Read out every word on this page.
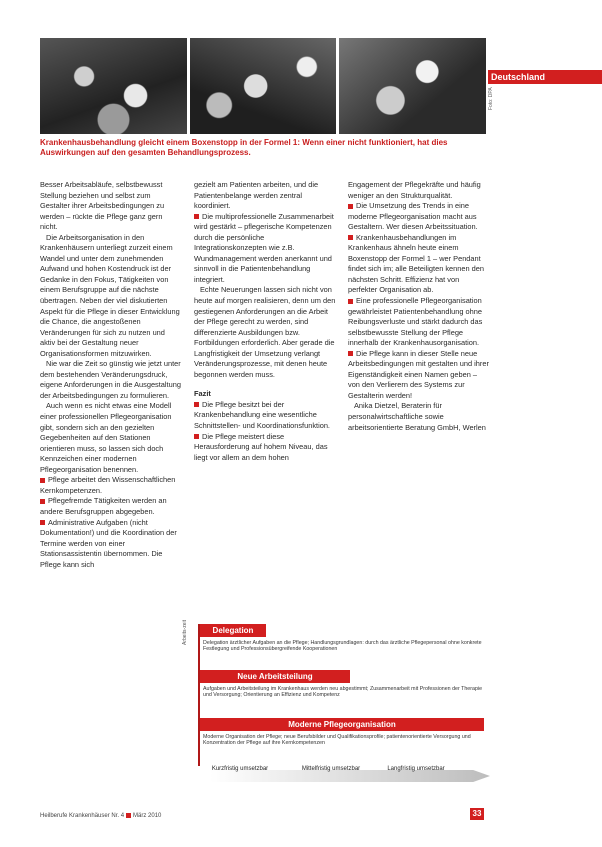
Deutschland
Foto: DPA
Krankenhausbehandlung gleicht einem Boxenstopp in der Formel 1: Wenn einer nicht funktioniert, hat dies Auswirkungen auf den gesamten Behandlungsprozess.

Besser Arbeitsabläufe, selbstbewusst Stellung beziehen und selbst zum Gestalter ihrer Arbeitsbedingungen zu werden – rückte die Pflege ganz gern nicht.

Die Arbeitsorganisation in den Krankenhäusern unterliegt zurzeit einem Wandel und unter dem zunehmenden Aufwand und hohen Kostendruck ist der Gedanke in den Fokus, Tätigkeiten von einem Berufsgruppe auf die nächste übertragen. Neben der viel diskutierten Aspekt für die Pflege in dieser Entwicklung die Chance, die angestoßenen Veränderungen für sich zu nutzen und aktiv bei der Gestaltung neuer Organisationsformen mitzuwirken.

Nie war die Zeit so günstig wie jetzt unter dem bestehenden Veränderungsdruck, eigene Anforderungen in die Ausgestaltung der Arbeitsbedingungen zu formulieren.

Auch wenn es nicht etwas eine Modell einer professionellen Pflegeorganisation gibt, sondern sich an den gezielten Gegebenheiten auf den Stationen orientieren muss, so lassen sich doch Kennzeichen einer modernen Pflegeorganisation benennen.

Pflege arbeitet den Wissenschaftlichen Kernkompetenzen.

Pflegefremde Tätigkeiten werden an andere Berufsgruppen abgegeben.

Administrative Aufgaben (nicht Dokumentation!) und die Koordination der Termine werden von einer Stationsassistentin übernommen. Die Pflege kann sich

gezielt am Patienten arbeiten, und die Patientenbelange werden zentral koordiniert.

Die multiprofessionelle Zusammenarbeit wird gestärkt – pflegerische Kompetenzen durch die persönliche Integrationskonzepten wie z.B. Wundmanagement werden anerkannt und sinnvoll in die Patientenbehandlung integriert.

Echte Neuerungen lassen sich nicht von heute auf morgen realisieren, denn um den gestiegenen Anforderungen an die Arbeit der Pflege gerecht zu werden, sind differenzierte Ausbildungen bzw. Fortbildungen erforderlich. Aber gerade die Langfristigkeit der Umsetzung verlangt Veränderungsprozesse, mit denen heute begonnen werden muss.

Fazit

Die Pflege besitzt bei der Krankenbehandlung eine wesentliche Schnittstellen- und Koordinationsfunktion.

Die Pflege meistert diese Herausforderung auf hohem Niveau, das liegt vor allem an dem hohen

Engagement der Pflegekräfte und häufig weniger an den Strukturqualität.

Die Umsetzung des Trends in eine moderne Pflegeorganisation macht aus Gestaltern. Wer diesen Arbeitssituation.

Krankenhausbehandlungen im Krankenhaus ähneln heute einem Boxenstopp der Formel 1 – wer Pendant findet sich im; alle Beteiligten kennen den nächsten Schritt. Effizienz hat von perfekter Organisation ab.

Eine professionelle Pflegeorganisation gewährleistet Patientenbehandlung ohne Reibungsverluste und stärkt dadurch das selbstbewusste Stellung der Pflege innerhalb der Krankenhausorganisation.

Die Pflege kann in dieser Stelle neue Arbeitsbedingungen mit gestalten und ihrer Eigenständigkeit einen Namen geben – von den Verlierern des Systems zur Gestalterin werden!

Anika Dietzel, Beraterin für personalwirtschaftliche sowie arbeitsorientierte Beratung GmbH, Werlen

Arbeits-zeit	Delegation
Delegation ärztlicher Aufgaben an die Pflege; Handlungsgrundlagen: durch das ärztliche Pflegepersonal ohne konkrete Festlegung und Professionsübergreifende Kooperationen
Neue Arbeitsteilung
Aufgaben und Arbeitsteilung im Krankenhaus werden neu abgestimmt; Zusammenarbeit mit Professionen der Therapie und Versorgung; Orientierung an Effizienz und Kompetenz
Moderne Pflegeorganisation
Moderne Organisation der Pflege; neue Berufsbilder und Qualifikationsprofile; patientenorientierte Versorgung und Konzentration der Pflege auf ihre Kernkompetenzen
Kurzfristig umsetzbar	Mittelfristig umsetzbar	Langfristig umsetzbar
Heilberufe Krankenhäuser Nr. 4 März 2010	33
